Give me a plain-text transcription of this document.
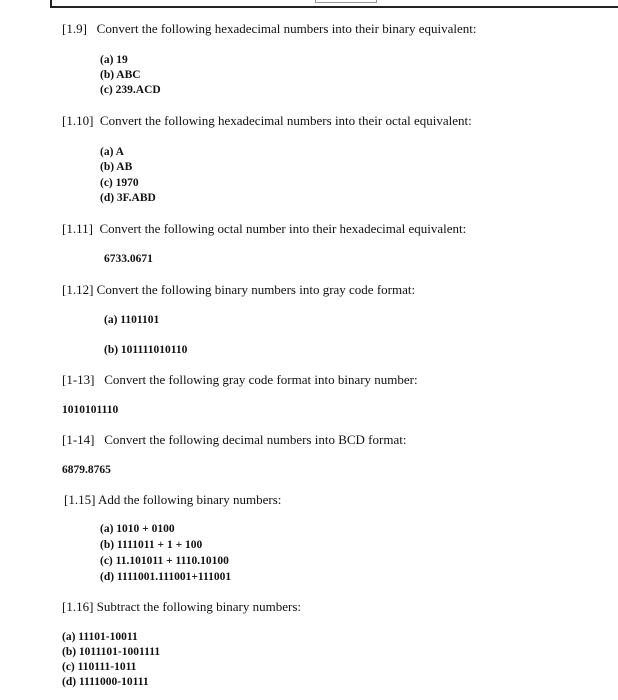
[1.9] Convert the following hexadecimal numbers into their binary equivalent:
(a) 19
(b) ABC
(c) 239.ACD
[1.10] Convert the following hexadecimal numbers into their octal equivalent:
(a) A
(b) AB
(c) 1970
(d) 3F.ABD
[1.11] Convert the following octal number into their hexadecimal equivalent:
6733.0671
[1.12] Convert the following binary numbers into gray code format:
(a) 1101101
(b) 101111010110
[1-13] Convert the following gray code format into binary number:
1010101110
[1-14] Convert the following decimal numbers into BCD format:
6879.8765
[1.15] Add the following binary numbers:
(a) 1010 + 0100
(b) 1111011 + 1 + 100
(c) 11.101011 + 1110.10100
(d) 1111001.111001+111001
[1.16] Subtract the following binary numbers:
(a) 11101-10011
(b) 1011101-1001111
(c) 110111-1011
(d) 1111000-10111
